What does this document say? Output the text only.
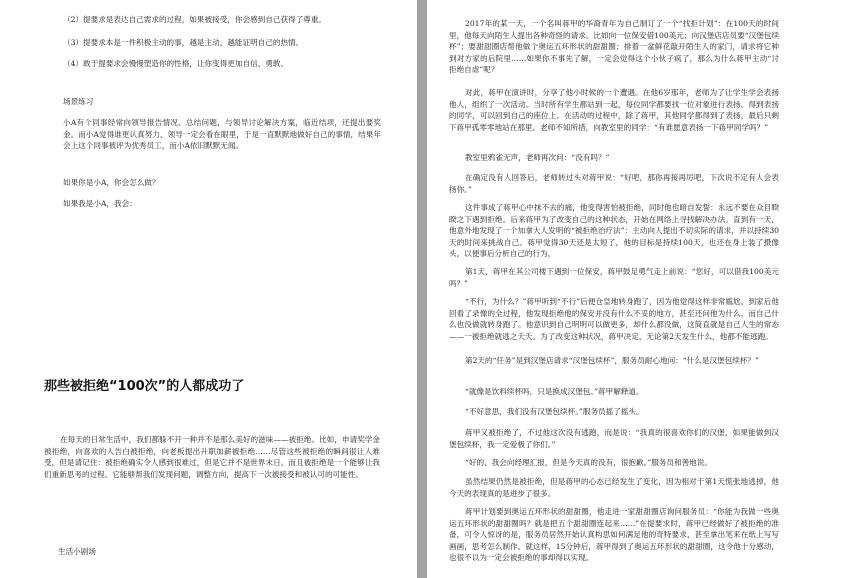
（2）提要求是表达自己需求的过程，如果被接受，你会感到自己获得了尊重。

（3）提要求本是一件积极主动的事，越是主动，越能证明自己的热情。

（4）敢于提要求会慢慢塑造你的性格，让你变得更加自信、勇敢。

场景练习

小A有个同事经常向领导报告情况、总结问题，与领导讨论解决方案，临近结项，还提出要奖金。而小A觉得谁更认真努力，领导一定会看在眼里，于是一直默默地做好自己的事情，结果年会上这个同事被评为优秀员工，而小A依旧默默无闻。

如果你是小A，你会怎么做？

如果我是小A，我会：

那些被拒绝“100次”的人都成功了

在每天的日常生活中，我们都躲不开一种并不是那么美好的滋味——被拒绝。比如，申请奖学金被拒绝，向喜欢的人告白被拒绝，向老板提出升职加薪被拒绝……尽管这些被拒绝的瞬间很让人难受，但是请记住：被拒绝确实令人感到很难过，但是它并不是世界末日。而且被拒绝是一个能够让我们重新思考的过程。它能够帮我们发现问题，调整方向，提高下一次被接受和被认可的可能性。

生活小剧场

2017年的某一天，一个名叫蒋甲的华裔青年为自己制订了一个“找拒计划”：在100天的时间里，他每天向陌生人提出各种奇怪的请求。比如向一位保安借100美元；向汉堡店店员要“汉堡包续杯”；要甜甜圈店帮他做个奥运五环形状的甜甜圈；排着一盆鲜花敲开陌生人的家门，请求将它种到对方家的后院里……如果你不事先了解，一定会觉得这个小伙子疯了，那么为什么蒋甲主动“讨拒绝自虐”呢？

对此，蒋甲在演讲时，分享了他小时候的一个遭遇。在他6岁那年，老师为了让学生学会表扬他人，组织了一次活动。当时所有学生都站到一起，每位同学都要找一位对象进行表扬。得到表扬的同学，可以回到自己的座位上。在活动的过程中，除了蒋甲，其他同学都得到了表扬，最后只剩下蒋甲孤零零地站在那里。老师不知所措，向教室里的同学：“有谁愿意表扬一下蒋甲同学吗？”

教室里鸦雀无声，老师再次问：“没有吗？”

在确定没有人回答后，老师转过头对蒋甲说：“好吧，那你再接再厉吧，下次说不定有人会表扬你。”

这件事成了蒋甲心中抹不去的痛，他变得害怕被拒绝，同时他也暗自发誓：永远不要在众目睽睽之下遇到拒绝。后来蒋甲为了改变自己的这种状态，开始在网络上寻找解决办法。直到有一天，他意外地发现了一个加拿大人发明的“被拒绝治疗法”：主动向人提出不切实际的请求，并以持续30天的时间来挑战自己。蒋甲觉得30天还是太短了，他的目标是持续100天，也还在身上装了摄像头，以便事后分析自己的行为。

第1天，蒋甲在其公司楼下遇到一位保安，蒋甲鼓足勇气走上前说：“您好，可以借我100美元吗？”

“不行，为什么？”蒋甲听到“不行”后便仓皇地转身跑了，因为他觉得这样非常尴尬，到家后他回看了录像的全过程，他发现拒绝他的保安并没有什么不妥的地方，甚至还问他为什么，而自己什么也没做就转身跑了。他意识到自己明明可以做更多，却什么都没做，这简直就是自己人生的常态——一被拒绝就逃之夭夭。为了改变这种状况，蒋甲决定，无论第2天发生什么，他都不能逃跑。

第2天的“任务”是到汉堡店请求“汉堡包续杯”，服务员耐心地问：“什么是汉堡包续杯？”

“就像是饮料续杯吗，只是换成汉堡包。”蒋甲解释道。

“不好意思，我们没有汉堡包续杯。”服务员摇了摇头。

蒋甲又被拒绝了，不过他这次没有逃跑，而是说：“我真的很喜欢你们的汉堡，如果能做到汉堡包续杯，我一定爱极了你们。”

“好的，我会向经理汇报，但是今天真的没有，很抱歉。”服务员和善地说。

虽然结果仍然是被拒绝，但是蒋甲的心态已经发生了变化，因为相对于第1天慌张地逃掉，他今天的表现真的是进步了很多。

蒋甲计划要到奥运五环形状的甜甜圈，他走进一家甜甜圈店询问服务员：“你能为我做一些奥运五环形状的甜甜圈吗？就是把五个甜甜圈连起来……”在提要求时，蒋甲已经做好了被拒绝的准备，可令人惊讶的是，服务员居然开始认真构思如何满足他的奇特要求，甚至拿出笔来在纸上写写画画，思考怎么制作。就这样，15分钟后，蒋甲得到了奥运五环形状的甜甜圈，这令他十分感动，也很不以为一定会被拒绝的事却得以实现。
